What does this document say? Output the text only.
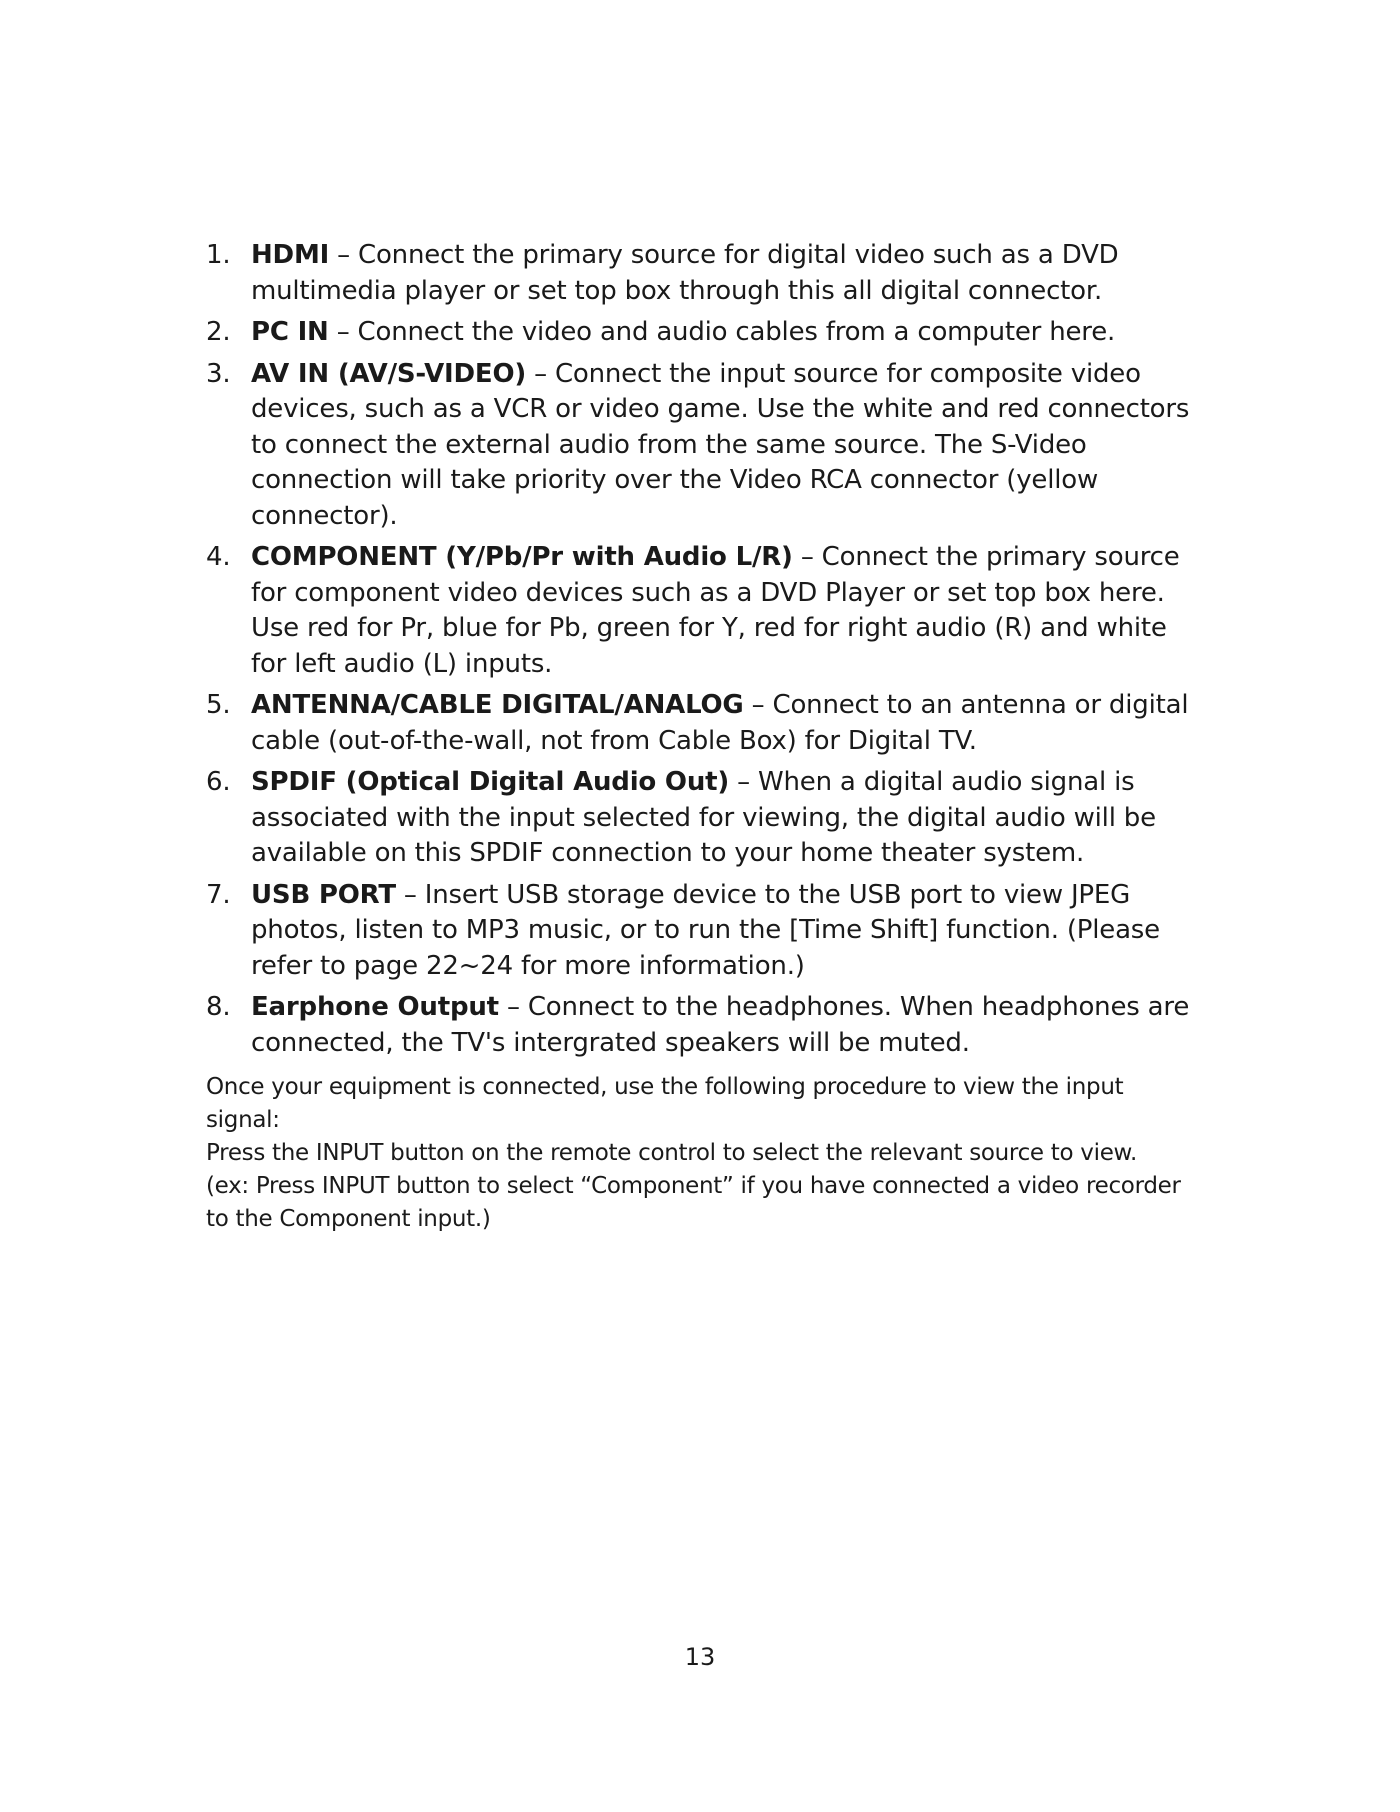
1. HDMI – Connect the primary source for digital video such as a DVD multimedia player or set top box through this all digital connector.
2. PC IN – Connect the video and audio cables from a computer here.
3. AV IN (AV/S-VIDEO) – Connect the input source for composite video devices, such as a VCR or video game. Use the white and red connectors to connect the external audio from the same source. The S-Video connection will take priority over the Video RCA connector (yellow connector).
4. COMPONENT (Y/Pb/Pr with Audio L/R) – Connect the primary source for component video devices such as a DVD Player or set top box here. Use red for Pr, blue for Pb, green for Y, red for right audio (R) and white for left audio (L) inputs.
5. ANTENNA/CABLE DIGITAL/ANALOG – Connect to an antenna or digital cable (out-of-the-wall, not from Cable Box) for Digital TV.
6. SPDIF (Optical Digital Audio Out) – When a digital audio signal is associated with the input selected for viewing, the digital audio will be available on this SPDIF connection to your home theater system.
7. USB PORT – Insert USB storage device to the USB port to view JPEG photos, listen to MP3 music, or to run the [Time Shift] function. (Please refer to page 22~24 for more information.)
8. Earphone Output – Connect to the headphones. When headphones are connected, the TV's intergrated speakers will be muted.

Once your equipment is connected, use the following procedure to view the input signal:

Press the INPUT button on the remote control to select the relevant source to view.

(ex: Press INPUT button to select “Component” if you have connected a video recorder to the Component input.)

13
